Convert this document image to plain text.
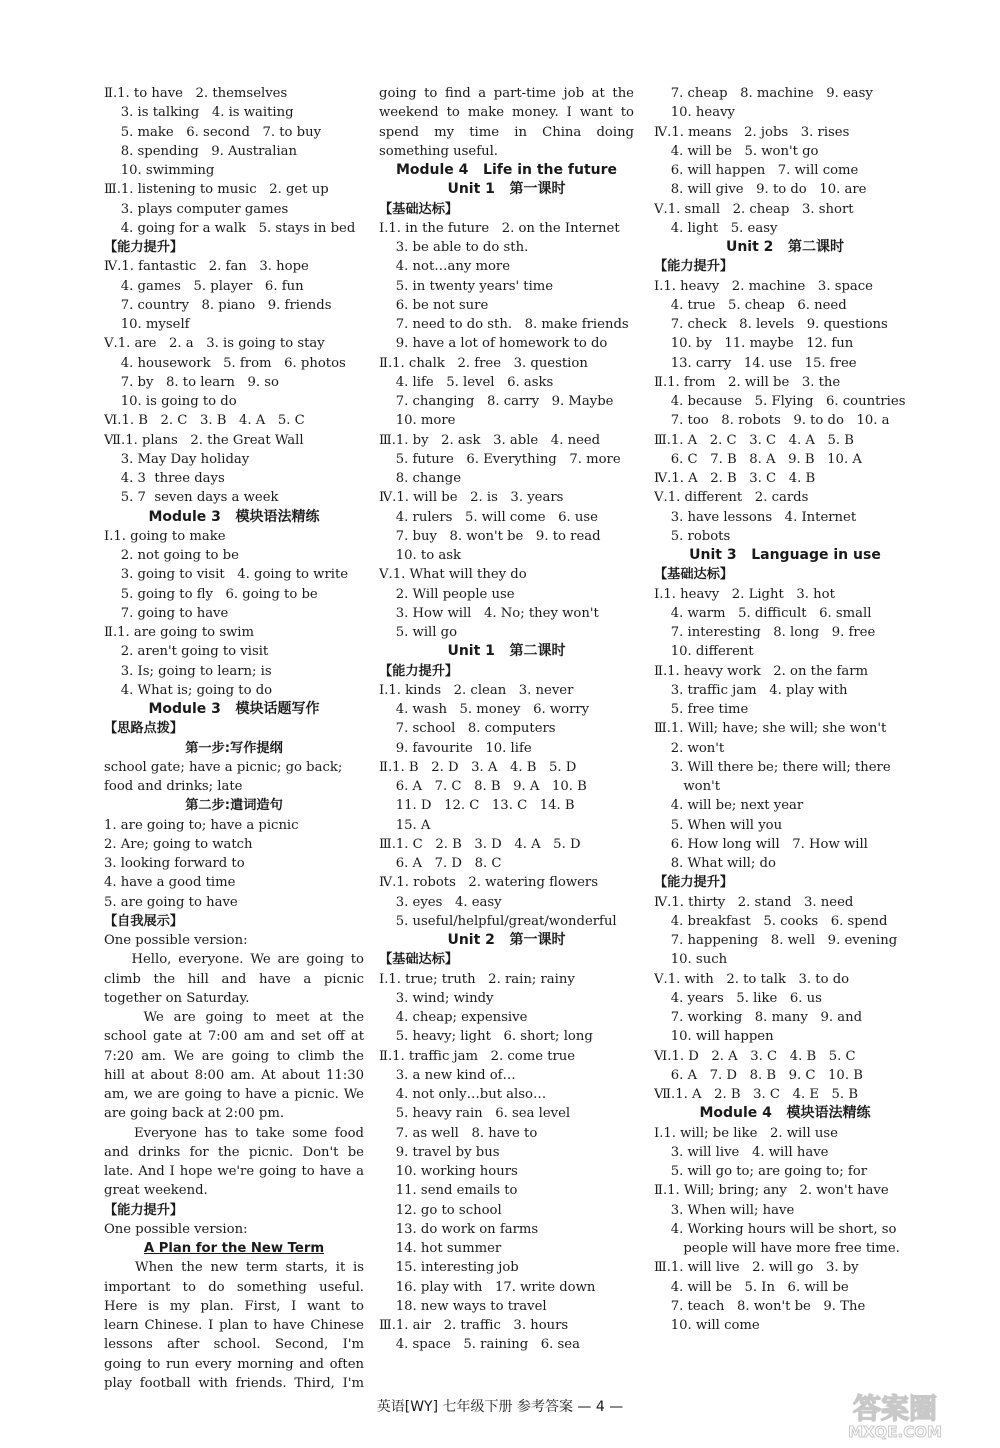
Ⅱ.1. to have   2. themselves
3. is talking   4. is waiting
5. make   6. second   7. to buy
8. spending   9. Australian
10. swimming
Ⅲ.1. listening to music   2. get up
3. plays computer games
4. going for a walk   5. stays in bed
【能力提升】
Ⅳ.1. fantastic   2. fan   3. hope
4. games   5. player   6. fun
7. country   8. piano   9. friends
10. myself
Ⅴ.1. are   2. a   3. is going to stay
4. housework   5. from   6. photos
7. by   8. to learn   9. so
10. is going to do
Ⅵ.1. B   2. C   3. B   4. A   5. C
Ⅶ.1. plans   2. the Great Wall
3. May Day holiday
4. 3  three days
5. 7  seven days a week
Module 3   模块语法精练
Ⅰ.1. going to make
2. not going to be
3. going to visit   4. going to write
5. going to fly   6. going to be
7. going to have
Ⅱ.1. are going to swim
2. aren't going to visit
3. Is; going to learn; is
4. What is; going to do
Module 3   模块话题写作
【思路点拨】
第一步:写作提纲
school gate; have a picnic; go back;
food and drinks; late
第二步:遣词造句
1. are going to; have a picnic
2. Are; going to watch
3. looking forward to
4. have a good time
5. are going to have
【自我展示】
One possible version:
Hello, everyone. We are going to
climb the hill and have a picnic
together on Saturday.
We are going to meet at the
school gate at 7:00 am and set off at
7:20 am. We are going to climb the
hill at about 8:00 am. At about 11:30
am, we are going to have a picnic. We
are going back at 2:00 pm.
Everyone has to take some food
and drinks for the picnic. Don't be
late. And I hope we're going to have a
great weekend.
【能力提升】
One possible version:
A Plan for the New Term
When the new term starts, it is
important to do something useful.
Here is my plan. First, I want to
learn Chinese. I plan to have Chinese
lessons after school. Second, I'm
going to run every morning and often
play football with friends. Third, I'm
going to find a part-time job at the
weekend to make money. I want to
spend my time in China doing
something useful.
Module 4   Life in the future
Unit 1   第一课时
【基础达标】
Ⅰ.1. in the future   2. on the Internet
3. be able to do sth.
4. not…any more
5. in twenty years' time
6. be not sure
7. need to do sth.   8. make friends
9. have a lot of homework to do
Ⅱ.1. chalk   2. free   3. question
4. life   5. level   6. asks
7. changing   8. carry   9. Maybe
10. more
Ⅲ.1. by   2. ask   3. able   4. need
5. future   6. Everything   7. more
8. change
Ⅳ.1. will be   2. is   3. years
4. rulers   5. will come   6. use
7. buy   8. won't be   9. to read
10. to ask
Ⅴ.1. What will they do
2. Will people use
3. How will   4. No; they won't
5. will go
Unit 1   第二课时
【能力提升】
Ⅰ.1. kinds   2. clean   3. never
4. wash   5. money   6. worry
7. school   8. computers
9. favourite   10. life
Ⅱ.1. B   2. D   3. A   4. B   5. D
6. A   7. C   8. B   9. A   10. B
11. D   12. C   13. C   14. B
15. A
Ⅲ.1. C   2. B   3. D   4. A   5. D
6. A   7. D   8. C
Ⅳ.1. robots   2. watering flowers
3. eyes   4. easy
5. useful/helpful/great/wonderful
Unit 2   第一课时
【基础达标】
Ⅰ.1. true; truth   2. rain; rainy
3. wind; windy
4. cheap; expensive
5. heavy; light   6. short; long
Ⅱ.1. traffic jam   2. come true
3. a new kind of…
4. not only…but also…
5. heavy rain   6. sea level
7. as well   8. have to
9. travel by bus
10. working hours
11. send emails to
12. go to school
13. do work on farms
14. hot summer
15. interesting job
16. play with   17. write down
18. new ways to travel
Ⅲ.1. air   2. traffic   3. hours
4. space   5. raining   6. sea
7. cheap   8. machine   9. easy
10. heavy
Ⅳ.1. means   2. jobs   3. rises
4. will be   5. won't go
6. will happen   7. will come
8. will give   9. to do   10. are
Ⅴ.1. small   2. cheap   3. short
4. light   5. easy
Unit 2   第二课时
【能力提升】
Ⅰ.1. heavy   2. machine   3. space
4. true   5. cheap   6. need
7. check   8. levels   9. questions
10. by   11. maybe   12. fun
13. carry   14. use   15. free
Ⅱ.1. from   2. will be   3. the
4. because   5. Flying   6. countries
7. too   8. robots   9. to do   10. a
Ⅲ.1. A   2. C   3. C   4. A   5. B
6. C   7. B   8. A   9. B   10. A
Ⅳ.1. A   2. B   3. C   4. B
Ⅴ.1. different   2. cards
3. have lessons   4. Internet
5. robots
Unit 3   Language in use
【基础达标】
Ⅰ.1. heavy   2. Light   3. hot
4. warm   5. difficult   6. small
7. interesting   8. long   9. free
10. different
Ⅱ.1. heavy work   2. on the farm
3. traffic jam   4. play with
5. free time
Ⅲ.1. Will; have; she will; she won't
2. won't
3. Will there be; there will; there
won't
4. will be; next year
5. When will you
6. How long will   7. How will
8. What will; do
【能力提升】
Ⅳ.1. thirty   2. stand   3. need
4. breakfast   5. cooks   6. spend
7. happening   8. well   9. evening
10. such
Ⅴ.1. with   2. to talk   3. to do
4. years   5. like   6. us
7. working   8. many   9. and
10. will happen
Ⅵ.1. D   2. A   3. C   4. B   5. C
6. A   7. D   8. B   9. C   10. B
Ⅶ.1. A   2. B   3. C   4. E   5. B
Module 4   模块语法精练
Ⅰ.1. will; be like   2. will use
3. will live   4. will have
5. will go to; are going to; for
Ⅱ.1. Will; bring; any   2. won't have
3. When will; have
4. Working hours will be short, so
people will have more free time.
Ⅲ.1. will live   2. will go   3. by
4. will be   5. In   6. will be
7. teach   8. won't be   9. The
10. will come
英语[WY] 七年级下册 参考答案 — 4 —	答案圈
MXQE.COM
